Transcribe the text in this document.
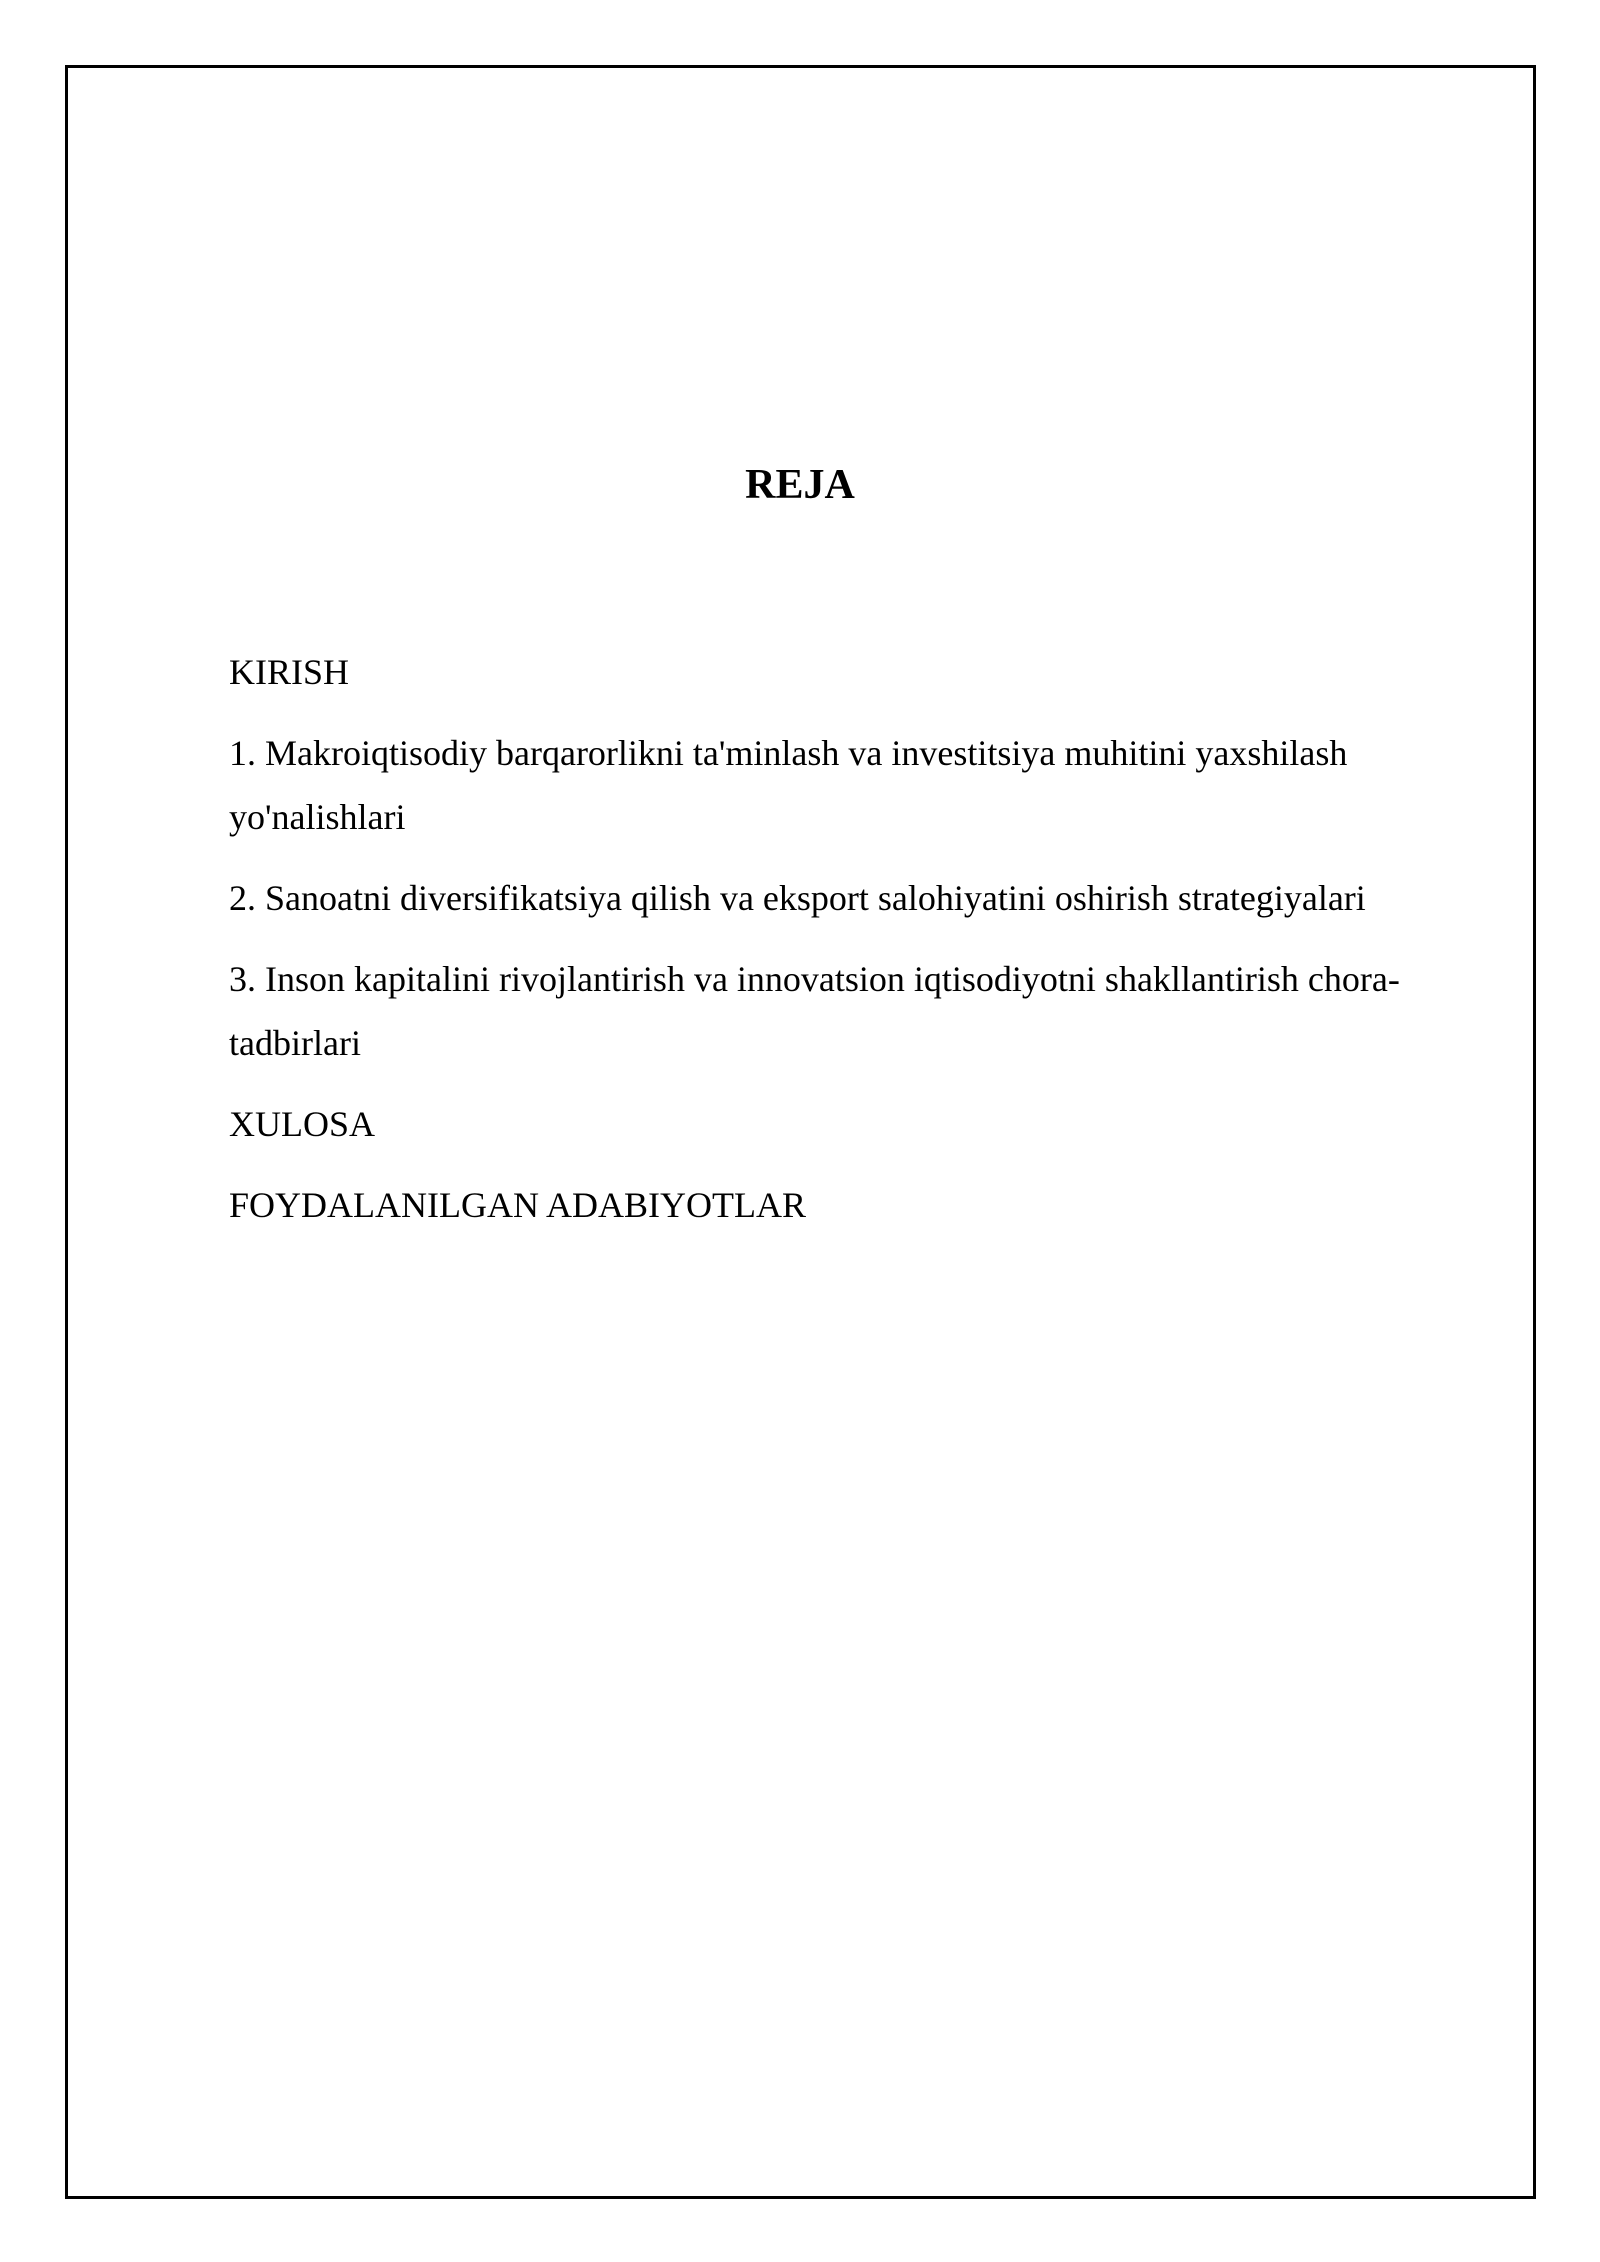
REJA
KIRISH
1. Makroiqtisodiy barqarorlikni ta'minlash va investitsiya muhitini yaxshilash yo'nalishlari
2. Sanoatni diversifikatsiya qilish va eksport salohiyatini oshirish strategiyalari
3. Inson kapitalini rivojlantirish va innovatsion iqtisodiyotni shakllantirish chora-tadbirlari
XULOSA
FOYDALANILGAN ADABIYOTLAR
